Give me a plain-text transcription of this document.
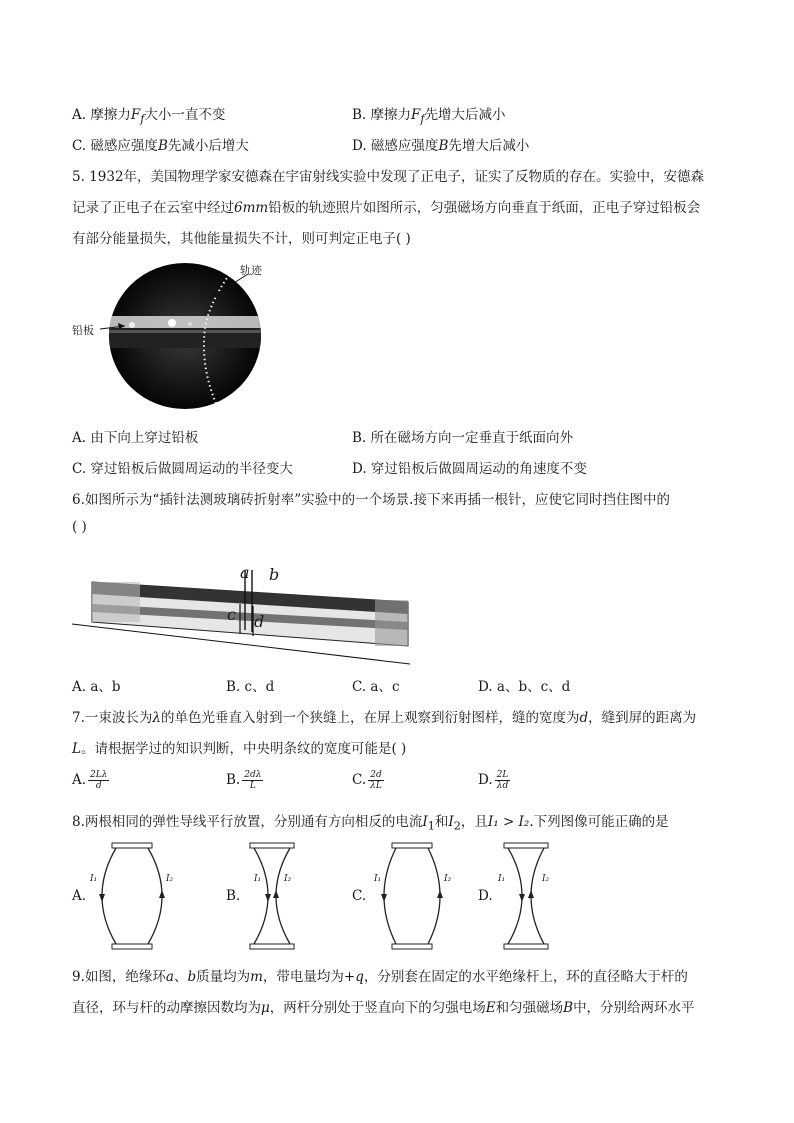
A. 摩擦力$F_f$大小一直不变	B. 摩擦力$F_f$先增大后减小
C. 磁感应强度B先减小后增大	D. 磁感应强度B先增大后减小
5. 1932年，美国物理学家安德森在宇宙射线实验中发现了正电子，证实了反物质的存在。实验中，安德森
记录了正电子在云室中经过6mm铅板的轨迹照片如图所示，匀强磁场方向垂直于纸面，正电子穿过铅板会
有部分能量损失，其他能量损失不计，则可判定正电子( )
轨迹
铅板
A. 由下向上穿过铅板	B. 所在磁场方向一定垂直于纸面向外
C. 穿过铅板后做圆周运动的半径变大	D. 穿过铅板后做圆周运动的角速度不变
6.如图所示为“插针法测玻璃砖折射率”实验中的一个场景.接下来再插一根针，应使它同时挡住图中的
( )
a b
c d
A. a、b	B. c、d	C. a、c	D. a、b、c、d
7.一束波长为λ的单色光垂直入射到一个狭缝上，在屏上观察到衍射图样，缝的宽度为d，缝到屏的距离为
L。请根据学过的知识判断，中央明条纹的宽度可能是( )
A. $\frac{2L\lambda}{d}$	B. $\frac{2d\lambda}{L}$	C. $\frac{2d}{\lambda L}$	D. $\frac{2L}{\lambda d}$
8.两根相同的弹性导线平行放置，分别通有方向相反的电流$I_1$和$I_2$，且I₁ > I₂.下列图像可能正确的是
A.
I₁	I₂
B.
I₁	I₂
C.
I₁	I₂
D.
I₁	I₂
9.如图，绝缘环a、b质量均为m，带电量均为+q，分别套在固定的水平绝缘杆上，环的直径略大于杆的
直径，环与杆的动摩擦因数均为μ，两杆分别处于竖直向下的匀强电场E和匀强磁场B中，分别给两环水平
